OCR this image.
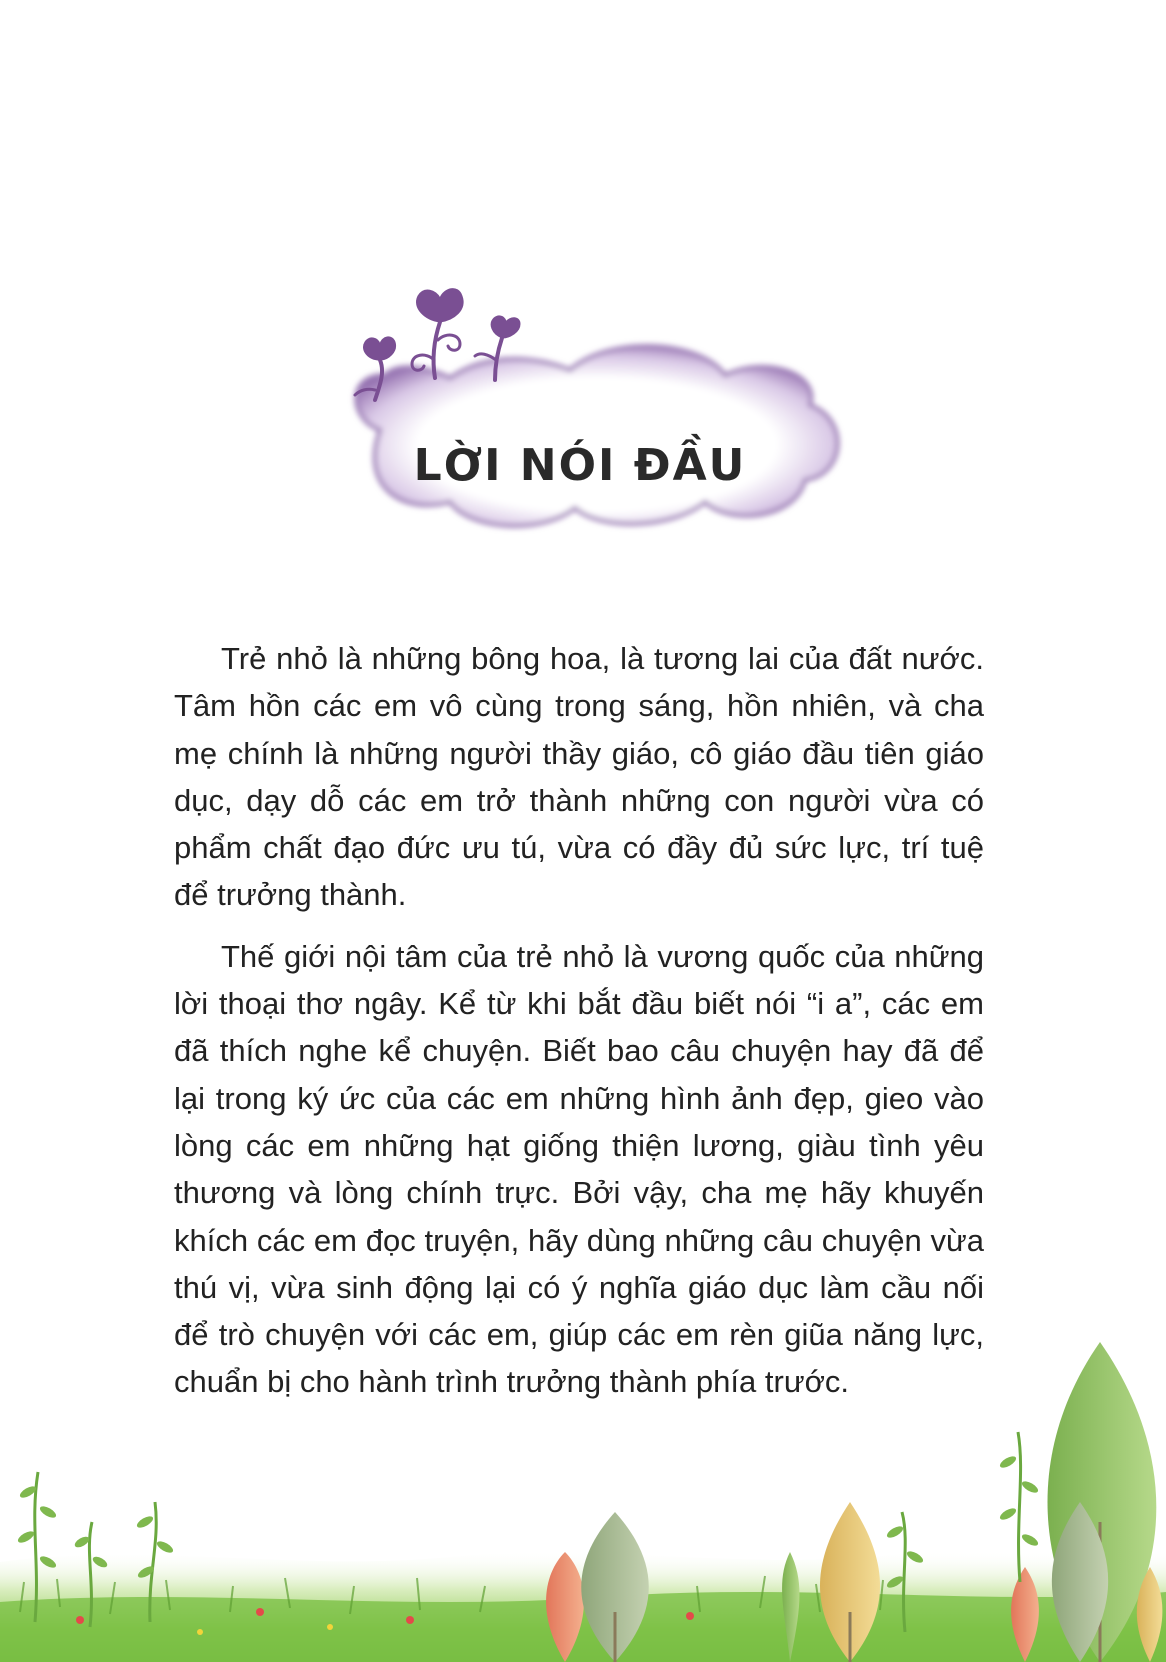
LỜI NÓI ĐẦU

Trẻ nhỏ là những bông hoa, là tương lai của đất nước. Tâm hồn các em vô cùng trong sáng, hồn nhiên, và cha mẹ chính là những người thầy giáo, cô giáo đầu tiên giáo dục, dạy dỗ các em trở thành những con người vừa có phẩm chất đạo đức ưu tú, vừa có đầy đủ sức lực, trí tuệ để trưởng thành.

Thế giới nội tâm của trẻ nhỏ là vương quốc của những lời thoại thơ ngây. Kể từ khi bắt đầu biết nói “i a”, các em đã thích nghe kể chuyện. Biết bao câu chuyện hay đã để lại trong ký ức của các em những hình ảnh đẹp, gieo vào lòng các em những hạt giống thiện lương, giàu tình yêu thương và lòng chính trực. Bởi vậy, cha mẹ hãy khuyến khích các em đọc truyện, hãy dùng những câu chuyện vừa thú vị, vừa sinh động lại có ý nghĩa giáo dục làm cầu nối để trò chuyện với các em, giúp các em rèn giũa năng lực, chuẩn bị cho hành trình trưởng thành phía trước.
